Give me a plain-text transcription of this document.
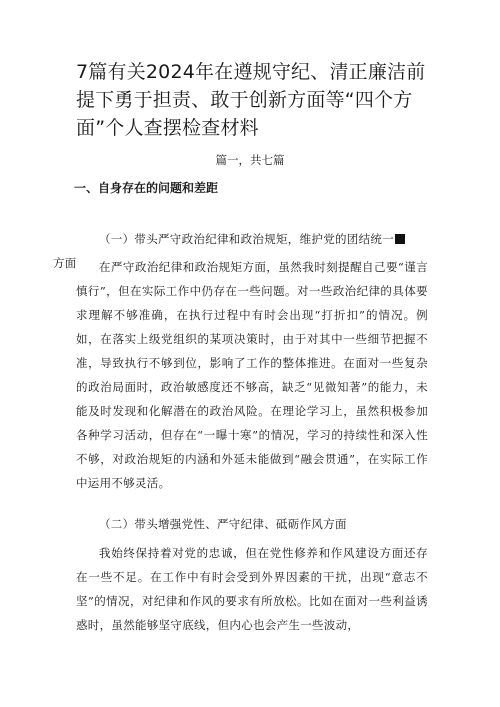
7篇有关2024年在遵规守纪、清正廉洁前提下勇于担责、敢于创新方面等“四个方面”个人查摆检查材料
篇一，共七篇
一、自身存在的问题和差距
（一）带头严守政治纪律和政治规矩，维护党的团结统一
方面	在严守政治纪律和政治规矩方面，虽然我时刻提醒自己要“谨言慎行”，但在实际工作中仍存在一些问题。对一些政治纪律的具体要求理解不够准确，在执行过程中有时会出现“打折扣”的情况。例如，在落实上级党组织的某项决策时，由于对其中一些细节把握不准，导致执行不够到位，影响了工作的整体推进。在面对一些复杂的政治局面时，政治敏感度还不够高，缺乏“见微知著”的能力，未能及时发现和化解潜在的政治风险。在理论学习上，虽然积极参加各种学习活动，但存在“一曝十寒”的情况，学习的持续性和深入性不够，对政治规矩的内涵和外延未能做到“融会贯通”，在实际工作中运用不够灵活。
（二）带头增强党性、严守纪律、砥砺作风方面
我始终保持着对党的忠诚，但在党性修养和作风建设方面还存在一些不足。在工作中有时会受到外界因素的干扰，出现“意志不坚”的情况，对纪律和作风的要求有所放松。比如在面对一些利益诱惑时，虽然能够坚守底线，但内心也会产生一些波动，
